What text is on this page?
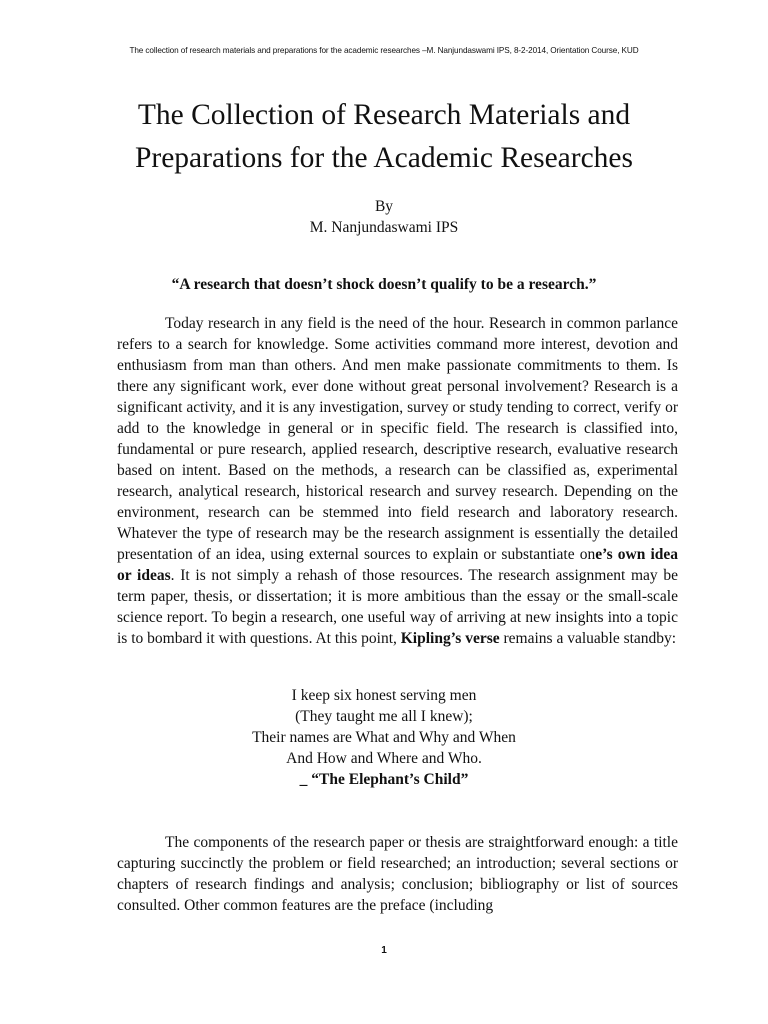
The collection of research materials and preparations for the academic researches –M. Nanjundaswami IPS, 8-2-2014, Orientation Course, KUD
The Collection of Research Materials and
Preparations for the Academic Researches
By
M. Nanjundaswami IPS
“A research that doesn’t shock doesn’t qualify to be a research.”

Today research in any field is the need of the hour. Research in common parlance refers to a search for knowledge. Some activities command more interest, devotion and enthusiasm from man than others. And men make passionate commitments to them. Is there any significant work, ever done without great personal involvement? Research is a significant activity, and it is any investigation, survey or study tending to correct, verify or add to the knowledge in general or in specific field. The research is classified into, fundamental or pure research, applied research, descriptive research, evaluative research based on intent. Based on the methods, a research can be classified as, experimental research, analytical research, historical research and survey research. Depending on the environment, research can be stemmed into field research and laboratory research. Whatever the type of research may be the research assignment is essentially the detailed presentation of an idea, using external sources to explain or substantiate one’s own idea or ideas. It is not simply a rehash of those resources. The research assignment may be term paper, thesis, or dissertation; it is more ambitious than the essay or the small-scale science report. To begin a research, one useful way of arriving at new insights into a topic is to bombard it with questions. At this point, Kipling’s verse remains a valuable standby:

I keep six honest serving men
(They taught me all I knew);
Their names are What and Why and When
And How and Where and Who.
_ “The Elephant’s Child”

The components of the research paper or thesis are straightforward enough: a title capturing succinctly the problem or field researched; an introduction; several sections or chapters of research findings and analysis; conclusion; bibliography or list of sources consulted. Other common features are the preface (including

1
